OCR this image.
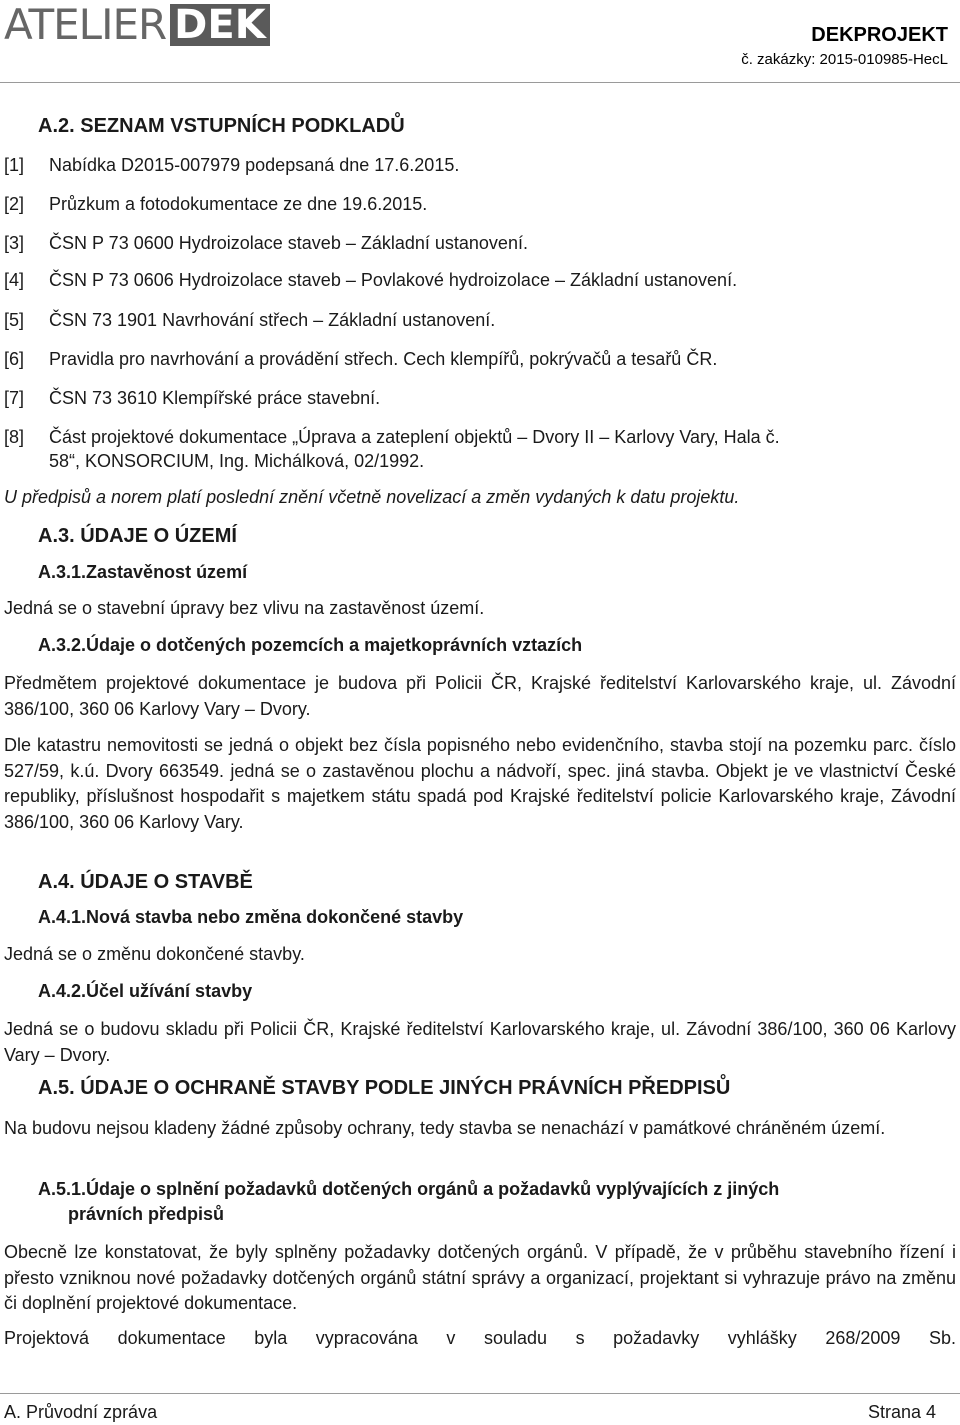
ATELIER DEK	DEKPROJEKT
č. zakázky: 2015-010985-HecL
A.2. SEZNAM VSTUPNÍCH PODKLADŮ
[1] Nabídka D2015-007979 podepsaná dne 17.6.2015.
[2] Průzkum a fotodokumentace ze dne 19.6.2015.
[3] ČSN P 73 0600 Hydroizolace staveb – Základní ustanovení.
[4] ČSN P 73 0606 Hydroizolace staveb – Povlakové hydroizolace – Základní ustanovení.
[5] ČSN 73 1901 Navrhování střech – Základní ustanovení.
[6] Pravidla pro navrhování a provádění střech. Cech klempířů, pokrývačů a tesařů ČR.
[7] ČSN 73 3610 Klempířské práce stavební.
[8] Část projektové dokumentace „Úprava a zateplení objektů – Dvory II – Karlovy Vary, Hala č.
58“, KONSORCIUM, Ing. Michálková, 02/1992.
U předpisů a norem platí poslední znění včetně novelizací a změn vydaných k datu projektu.
A.3. ÚDAJE O ÚZEMÍ
A.3.1.Zastavěnost území
Jedná se o stavební úpravy bez vlivu na zastavěnost území.
A.3.2.Údaje o dotčených pozemcích a majetkoprávních vztazích
Předmětem projektové dokumentace je budova při Policii ČR, Krajské ředitelství Karlovarského kraje, ul. Závodní 386/100, 360 06 Karlovy Vary – Dvory.
Dle katastru nemovitosti se jedná o objekt bez čísla popisného nebo evidenčního, stavba stojí na pozemku parc. číslo 527/59, k.ú. Dvory 663549. jedná se o zastavěnou plochu a nádvoří, spec. jiná stavba. Objekt je ve vlastnictví České republiky, příslušnost hospodařit s majetkem státu spadá pod Krajské ředitelství policie Karlovarského kraje, Závodní 386/100, 360 06 Karlovy Vary.
A.4. ÚDAJE O STAVBĚ
A.4.1.Nová stavba nebo změna dokončené stavby
Jedná se o změnu dokončené stavby.
A.4.2.Účel užívání stavby
Jedná se o budovu skladu při Policii ČR, Krajské ředitelství Karlovarského kraje, ul. Závodní 386/100, 360 06 Karlovy Vary – Dvory.
A.5. ÚDAJE O OCHRANĚ STAVBY PODLE JINÝCH PRÁVNÍCH PŘEDPISŮ
Na budovu nejsou kladeny žádné způsoby ochrany, tedy stavba se nenachází v památkové chráněném území.
A.5.1.Údaje o splnění požadavků dotčených orgánů a požadavků vyplývajících z jiných
právních předpisů
Obecně lze konstatovat, že byly splněny požadavky dotčených orgánů. V případě, že v průběhu stavebního řízení i přesto vzniknou nové požadavky dotčených orgánů státní správy a organizací, projektant si vyhrazuje právo na změnu či doplnění projektové dokumentace.
Projektová dokumentace byla vypracována v souladu s požadavky vyhlášky 268/2009 Sb.
A. Průvodní zpráva	Strana 4
